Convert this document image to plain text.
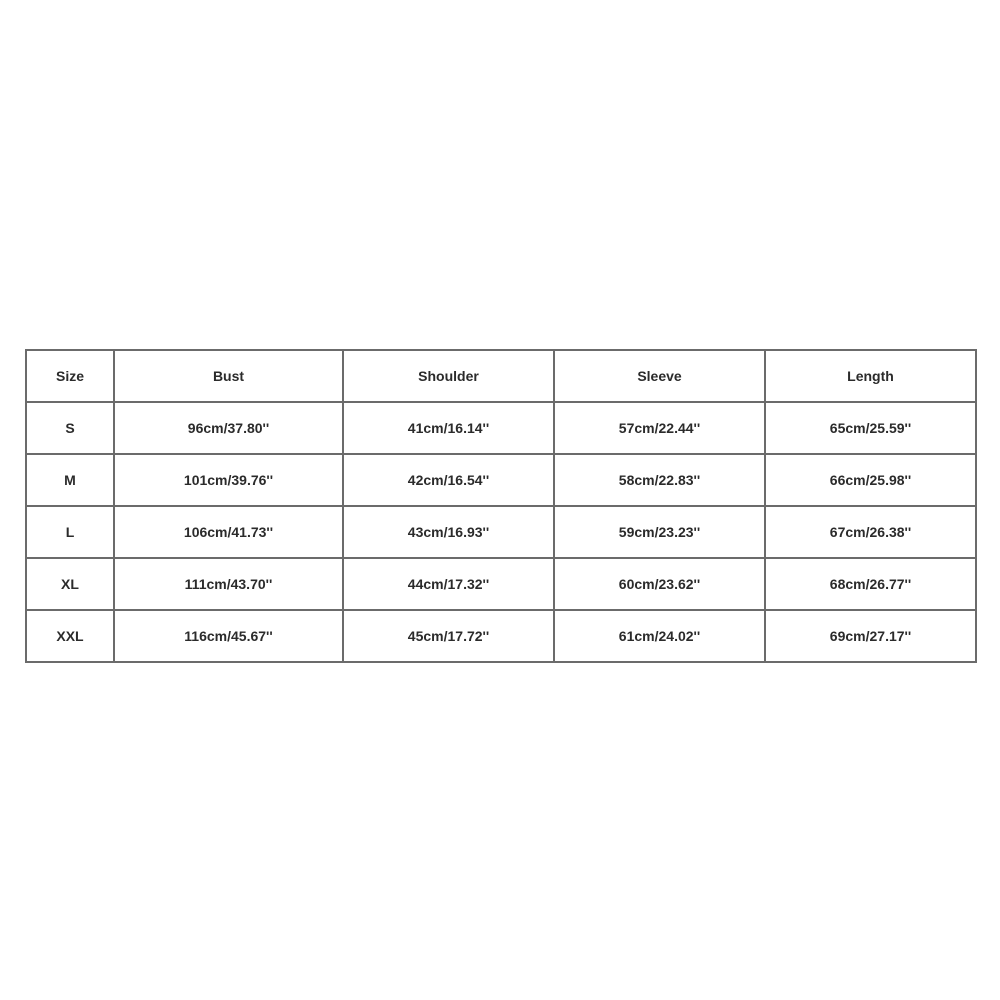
Size	Bust	Shoulder	Sleeve	Length
S	96cm/37.80''	41cm/16.14''	57cm/22.44''	65cm/25.59''
M	101cm/39.76''	42cm/16.54''	58cm/22.83''	66cm/25.98''
L	106cm/41.73''	43cm/16.93''	59cm/23.23''	67cm/26.38''
XL	111cm/43.70''	44cm/17.32''	60cm/23.62''	68cm/26.77''
XXL	116cm/45.67''	45cm/17.72''	61cm/24.02''	69cm/27.17''
